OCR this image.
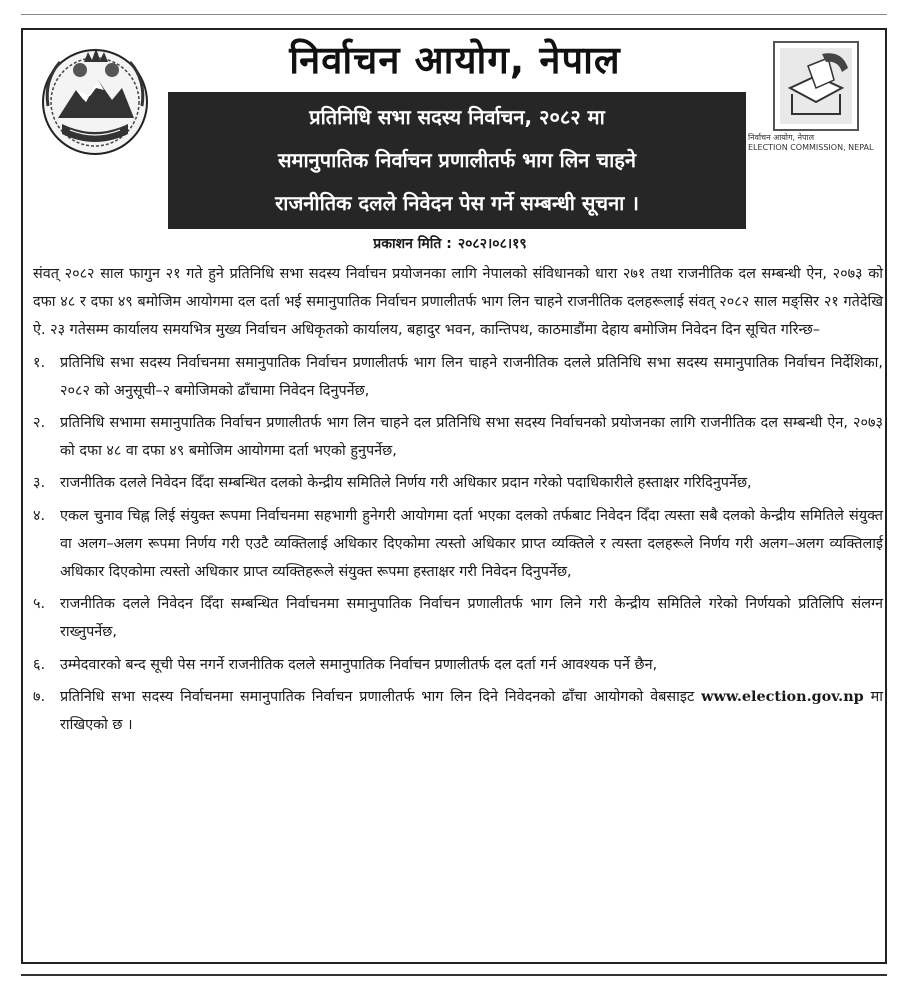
निर्वाचन आयोग, नेपाल
ELECTION COMMISSION, NEPAL
निर्वाचन आयोग, नेपाल
प्रतिनिधि सभा सदस्य निर्वाचन, २०८२ मा
समानुपातिक निर्वाचन प्रणालीतर्फ भाग लिन चाहने
राजनीतिक दलले निवेदन पेस गर्ने सम्बन्धी सूचना ।
प्रकाशन मिति : २०८२।०८।१९

संवत् २०८२ साल फागुन २१ गते हुने प्रतिनिधि सभा सदस्य निर्वाचन प्रयोजनका लागि नेपालको संविधानको धारा २७१ तथा राजनीतिक दल सम्बन्धी ऐन, २०७३ को दफा ४८ र दफा ४९ बमोजिम आयोगमा दल दर्ता भई समानुपातिक निर्वाचन प्रणालीतर्फ भाग लिन चाहने राजनीतिक दलहरूलाई संवत् २०८२ साल मङ्सिर २१ गतेदेखि ऐ. २३ गतेसम्म कार्यालय समयभित्र मुख्य निर्वाचन अधिकृतको कार्यालय, बहादुर भवन, कान्तिपथ, काठमाडौंमा देहाय बमोजिम निवेदन दिन सूचित गरिन्छ–

१.	प्रतिनिधि सभा सदस्य निर्वाचनमा समानुपातिक निर्वाचन प्रणालीतर्फ भाग लिन चाहने राजनीतिक दलले प्रतिनिधि सभा सदस्य समानुपातिक निर्वाचन निर्देशिका, २०८२ को अनुसूची–२ बमोजिमको ढाँचामा निवेदन दिनुपर्नेछ,
२.	प्रतिनिधि सभामा समानुपातिक निर्वाचन प्रणालीतर्फ भाग लिन चाहने दल प्रतिनिधि सभा सदस्य निर्वाचनको प्रयोजनका लागि राजनीतिक दल सम्बन्धी ऐन, २०७३ को दफा ४८ वा दफा ४९ बमोजिम आयोगमा दर्ता भएको हुनुपर्नेछ,
३.	राजनीतिक दलले निवेदन दिँदा सम्बन्धित दलको केन्द्रीय समितिले निर्णय गरी अधिकार प्रदान गरेको पदाधिकारीले हस्ताक्षर गरिदिनुपर्नेछ,
४.	एकल चुनाव चिह्न लिई संयुक्त रूपमा निर्वाचनमा सहभागी हुनेगरी आयोगमा दर्ता भएका दलको तर्फबाट निवेदन दिँदा त्यस्ता सबै दलको केन्द्रीय समितिले संयुक्त वा अलग–अलग रूपमा निर्णय गरी एउटै व्यक्तिलाई अधिकार दिएकोमा त्यस्तो अधिकार प्राप्त व्यक्तिले र त्यस्ता दलहरूले निर्णय गरी अलग–अलग व्यक्तिलाई अधिकार दिएकोमा त्यस्तो अधिकार प्राप्त व्यक्तिहरूले संयुक्त रूपमा हस्ताक्षर गरी निवेदन दिनुपर्नेछ,
५.	राजनीतिक दलले निवेदन दिँदा सम्बन्धित निर्वाचनमा समानुपातिक निर्वाचन प्रणालीतर्फ भाग लिने गरी केन्द्रीय समितिले गरेको निर्णयको प्रतिलिपि संलग्न राख्नुपर्नेछ,
६.	उम्मेदवारको बन्द सूची पेस नगर्ने राजनीतिक दलले समानुपातिक निर्वाचन प्रणालीतर्फ दल दर्ता गर्न आवश्यक पर्ने छैन,
७.	प्रतिनिधि सभा सदस्य निर्वाचनमा समानुपातिक निर्वाचन प्रणालीतर्फ भाग लिन दिने निवेदनको ढाँचा आयोगको वेबसाइट www.election.gov.np मा राखिएको छ ।
